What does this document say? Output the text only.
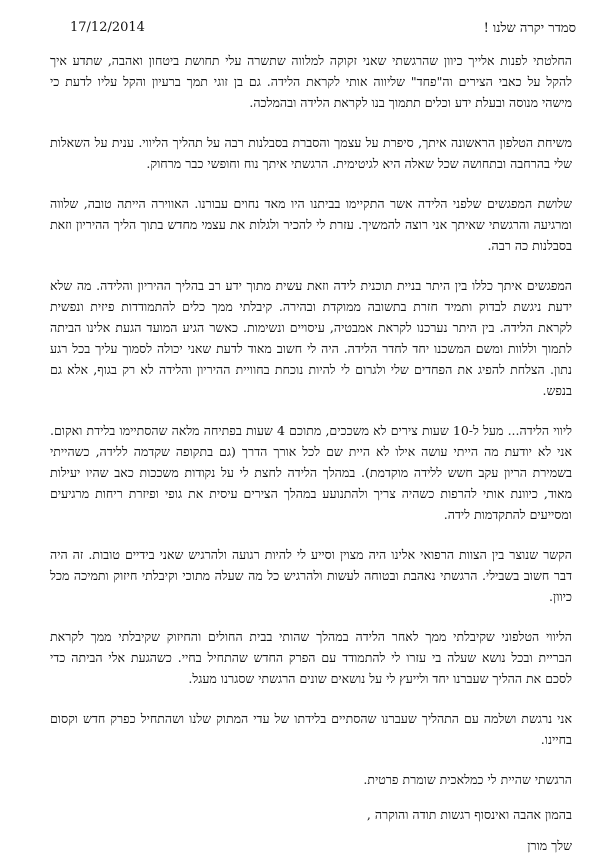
17/12/2014	סמדר יקרה שלנו !

החלטתי לפנות אלייך כיוון שהרגשתי שאני זקוקה למלווה שתשרה עלי תחושת ביטחון ואהבה, שתדע איך להקל על כאבי הצירים וה"פחד" שליווה אותי לקראת הלידה. גם בן זוגי תמך ברעיון והקל עליו לדעת כי מישהי מנוסה ובעלת ידע וכלים תתמוך בנו לקראת הלידה ובהמלכה.

משיחת הטלפון הראשונה איתך, סיפרת על עצמך והסברת בסבלנות רבה על תהליך הליווי. ענית על השאלות שלי בהרחבה ובתחושה שכל שאלה היא לגיטימית. הרגשתי איתך נוח וחופשי כבר מרחוק.

שלושת המפגשים שלפני הלידה אשר התקיימו בביתנו היו מאד נחוים עבורנו. האווירה הייתה טובה, שלווה ומרגיעה והרגשתי שאיתך אני רוצה להמשיך. עזרת לי להכיר ולגלות את עצמי מחדש בתוך הליך ההיריון וזאת בסבלנות כה רבה.

המפגשים איתך כללו בין היתר בניית תוכנית לידה וזאת עשית מתוך ידע רב בהליך ההיריון והלידה. מה שלא ידעת ניגשת לבדוק ותמיד חזרת בתשובה ממוקדת ובהירה. קיבלתי ממך כלים להתמודדות פיזית ונפשית לקראת הלידה. בין היתר נערכנו לקראת אמבטיה, עיסויים ונשימות. כאשר הגיע המועד הגעת אלינו הביתה לתמוך וללוות ומשם המשכנו יחד לחדר הלידה. היה לי חשוב מאוד לדעת שאני יכולה לסמוך עליך בכל רגע נתון. הצלחת להפיג את הפחדים שלי ולגרום לי להיות נוכחת בחוויית ההיריון והלידה לא רק בגוף, אלא גם בנפש.

ליווי הלידה... מעל ל-10 שעות צירים לא משככים, מתוכם 4 שעות בפתיחה מלאה שהסתיימו בלידת ואקום. אני לא יודעת מה הייתי עושה אילו לא היית שם לכל אורך הדרך (גם בתקופה שקדמה ללידה, כשהייתי בשמירת הריון עקב חשש ללידה מוקדמת). במהלך הלידה לחצת לי על נקודות משככות כאב שהיו יעילות מאוד, כיוונת אותי להרפות כשהיה צריך ולהתנועע במהלך הצירים עיסית את גופי ופיזרת ריחות מרגיעים ומסייעים להתקדמות לידה.

הקשר שנוצר בין הצוות הרפואי אלינו היה מצוין וסייע לי להיות רגועה ולהרגיש שאני בידיים טובות. זה היה דבר חשוב בשבילי. הרגשתי נאהבת ובטוחה לעשות ולהרגיש כל מה שעלה מתוכי וקיבלתי חיזוק ותמיכה מכל כיוון.

הליווי הטלפוני שקיבלתי ממך לאחר הלידה במהלך שהותי בבית החולים והחיזוק שקיבלתי ממך לקראת הבריית ובכל נושא שעלה בי עזרו לי להתמודד עם הפרק החדש שהתחיל בחיי. כשהגעת אלי הביתה כדי לסכם את ההליך שעברנו יחד ולייעץ לי על נושאים שונים הרגשתי שסגרנו מעגל.

אני נרגשת ושלמה עם התהליך שעברנו שהסתיים בלידתו של עדי המתוק שלנו ושהתחיל כפרק חדש וקסום בחיינו.

הרגשתי שהיית לי כמלאכית שומרת פרטית.

בהמון אהבה ואינסוף רגשות תודה והוקרה ,

שלך מורן
